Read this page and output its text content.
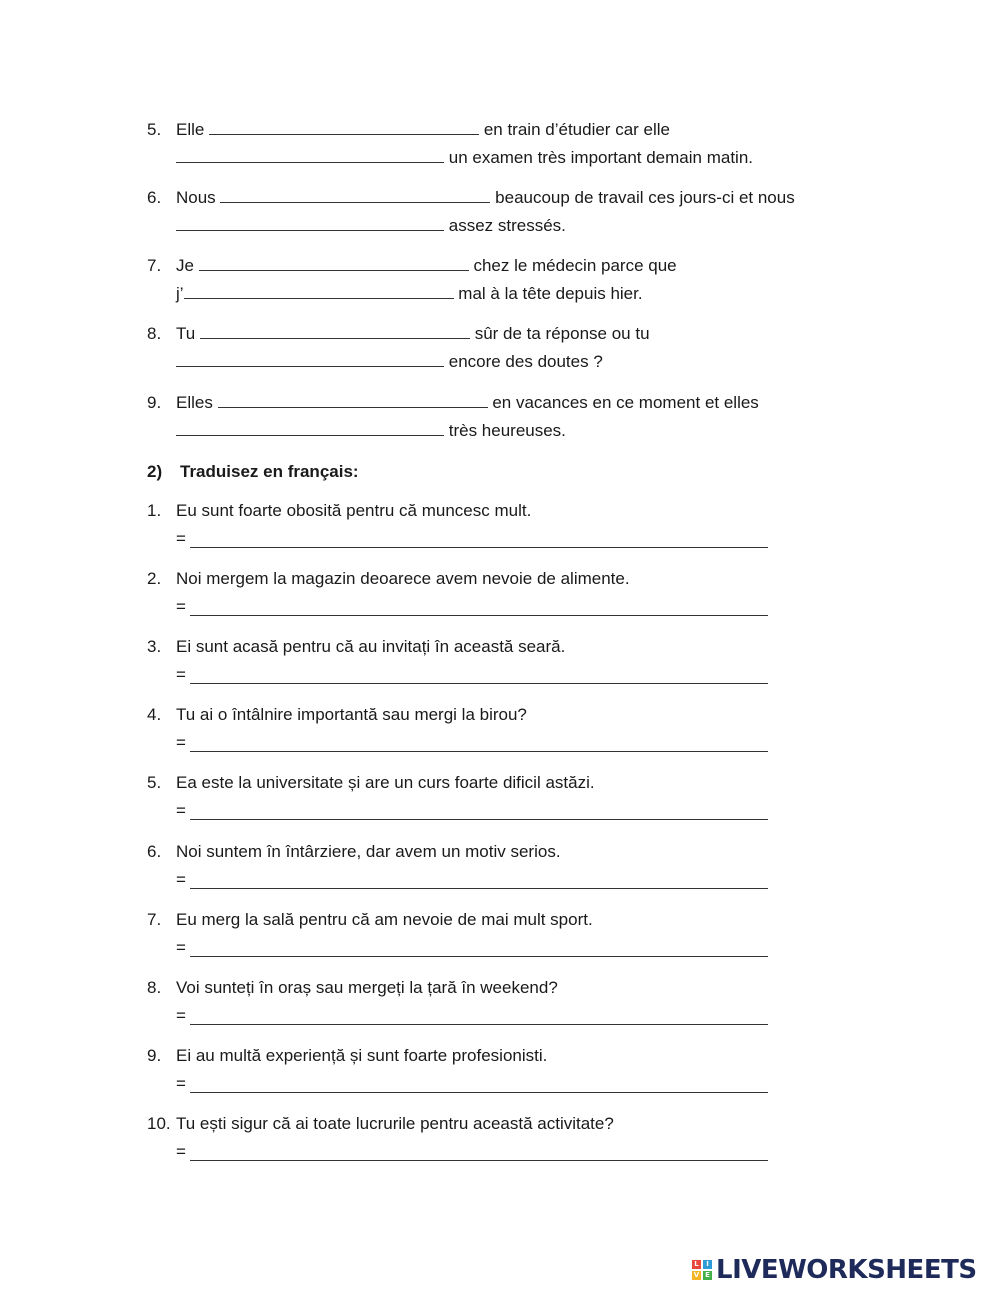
5. Elle	en train d’étudier car elle
un examen très important demain matin.
6. Nous	beaucoup de travail ces jours-ci et nous
assez stressés.
7. Je	chez le médecin parce que
j’	mal à la tête depuis hier.
8. Tu	sûr de ta réponse ou tu
encore des doutes ?
9. Elles	en vacances en ce moment et elles
très heureuses.
2) Traduisez en français:
1. Eu sunt foarte obosită pentru că muncesc mult.
=
2. Noi mergem la magazin deoarece avem nevoie de alimente.
=
3. Ei sunt acasă pentru că au invitați în această seară.
=
4. Tu ai o întâlnire importantă sau mergi la birou?
=
5. Ea este la universitate și are un curs foarte dificil astăzi.
=
6. Noi suntem în întârziere, dar avem un motiv serios.
=
7. Eu merg la sală pentru că am nevoie de mai mult sport.
=
8. Voi sunteți în oraș sau mergeți la țară în weekend?
=
9. Ei au multă experiență și sunt foarte profesionisti.
=
10. Tu ești sigur că ai toate lucrurile pentru această activitate?
=
L	I
V E LIVEWORKSHEETS
